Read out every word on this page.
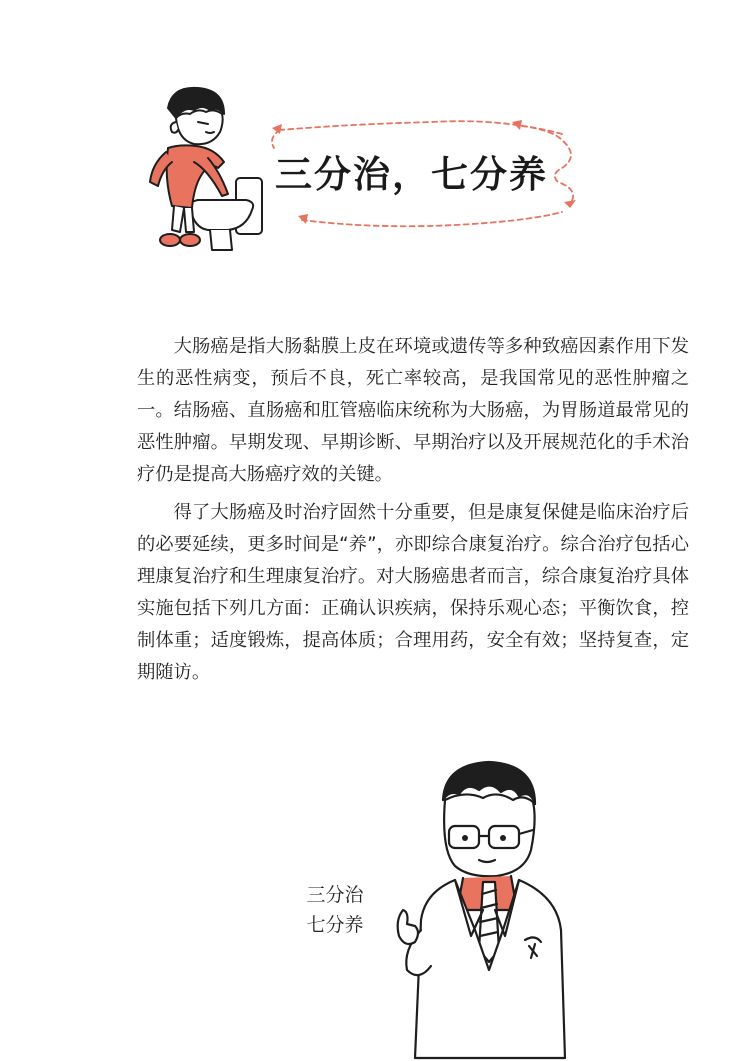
三分治，七分养

大肠癌是指大肠黏膜上皮在环境或遗传等多种致癌因素作用下发生的恶性病变，预后不良，死亡率较高，是我国常见的恶性肿瘤之一。结肠癌、直肠癌和肛管癌临床统称为大肠癌，为胃肠道最常见的恶性肿瘤。早期发现、早期诊断、早期治疗以及开展规范化的手术治疗仍是提高大肠癌疗效的关键。

得了大肠癌及时治疗固然十分重要，但是康复保健是临床治疗后的必要延续，更多时间是“养”，亦即综合康复治疗。综合治疗包括心理康复治疗和生理康复治疗。对大肠癌患者而言，综合康复治疗具体实施包括下列几方面：正确认识疾病，保持乐观心态；平衡饮食，控制体重；适度锻炼，提高体质；合理用药，安全有效；坚持复查，定期随访。

三分治
七分养
